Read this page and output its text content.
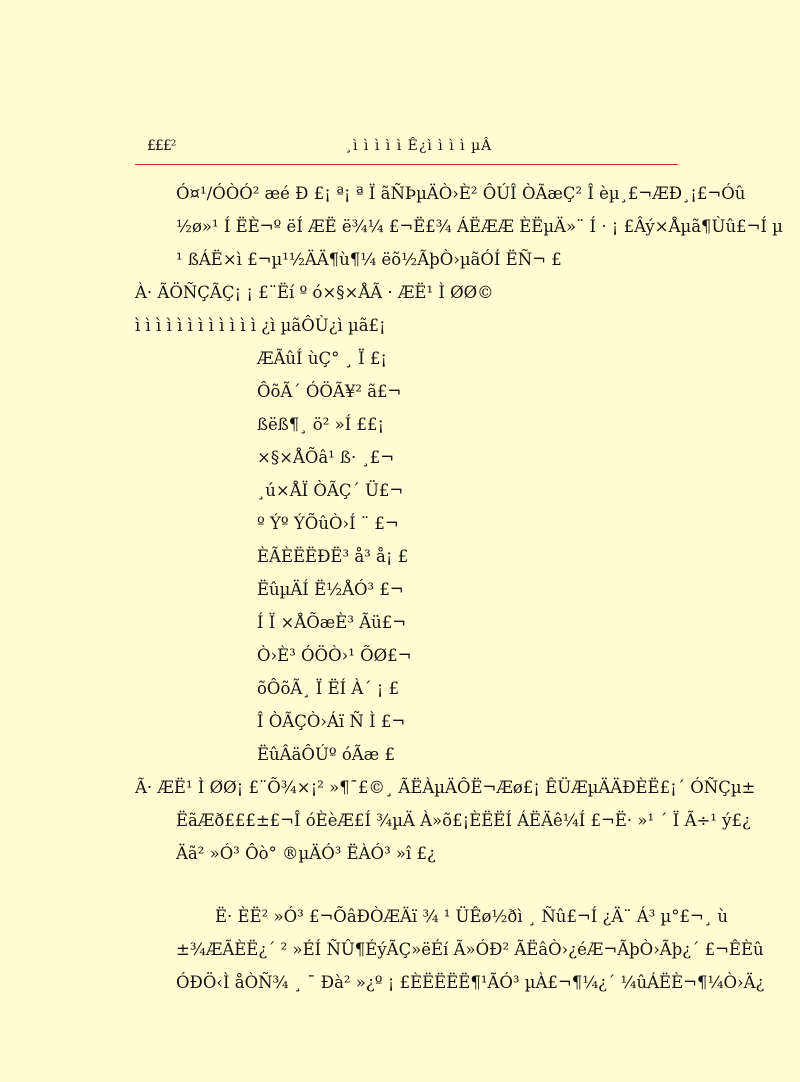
£££²	¸ì ì ì ì ì Ê¿ì ì ì ì µÂ
Ó¤¹/ÓÒÓ² æé Ð £¡ ª¡ ª Ï ãÑÞµÄÒ›È² ÔÚÎ ÒÃæÇ² Î èµ¸£¬ÆÐ¸¡£¬Óû
½ø»¹ Í ËÈ¬º ëÍ ÆË ë¾¼ £¬Ë£¾ ÁËÆÆ ÈËµÄ»¨ Í · ¡ £Âý×Åµã¶Ùû£¬Í µ
¹ ßÁË×ì £¬µ¹½ÄÄ¶ù¶¼ ëõ½ÃþÒ›µãÓÍ ËÑ¬ £
À· ÃÖÑÇÃÇ¡ ¡ £¨Ëí º ó×§×ÅÃ · ÆË¹ Ì ØØ©
ì ì ì ì ì ì ì ì ì ì ì ì ¿ì µãÔÙ¿ì µã£¡
ÆÃûÍ ùÇ° ¸ Ï £¡
ÔõÃ´ ÓÖÃ¥² ã£¬
ßëß¶¸ ö² »Í ££¡
×§×ÅÕâ¹ ß· ¸£¬
¸ú×ÅÏ ÒÃÇ´ Ü£¬
º Ýº ÝÕûÒ›Í ¨ £¬
ÈÃÈËËÐË³ å³ å¡ £
ËûµÄÍ Ë½ÅÓ³ £¬
Í Ï ×ÅÕæÈ³ Ãü£¬
Ò›È³ ÓÖÒ›¹ ÕØ£¬
õÔõÃ¸ Ï ËÍ À´ ¡ £
Î ÒÃÇÒ›Áï Ñ Ì £¬
ËûÂäÔÚº óÃæ £
Ã· ÆË¹ Ì ØØ¡ £¨Õ¾×¡² »¶¯£©¸ ÃËÀµÄÔË¬Æø£¡ ÊÜÆµÄÄÐÈË£¡´ ÓÑÇµ±
ËãÆð£££±£¬Î óÈèÆ£Í ¾µÄ À»õ£¡ÈËËÍ ÁËÄê¼Í £¬Ë· »¹ ´ Ï Ã÷¹ ý£¿
Äã² »Ó³ Ôò° ®µÄÓ³ ËÀÓ³ »î £¿
Ë· ÈË² »Ó³ £¬ÕâÐÒÆÄï ¾ ¹ ÜÊø½ðì ¸ Ñû£¬Í ¿Ä¨ Á³ µ°£¬¸ ù
±¾ÆÃÈË¿´ ² »ÉÍ ÑÛ¶ÉýÃÇ»ëÉí Ã»ÓÐ² ÃËâÒ›¿éÆ¬ÃþÒ›Ãþ¿´ £¬ÊÈû
ÓÐÖ‹Ì åÒÑ¾ ¸ ¯ Ðà² »¿º ¡ £ÈËËËË¶¹ÃÓ³ µÀ£¬¶¼¿´ ¼ûÁËÈ¬¶¼Ò›Ä¿
